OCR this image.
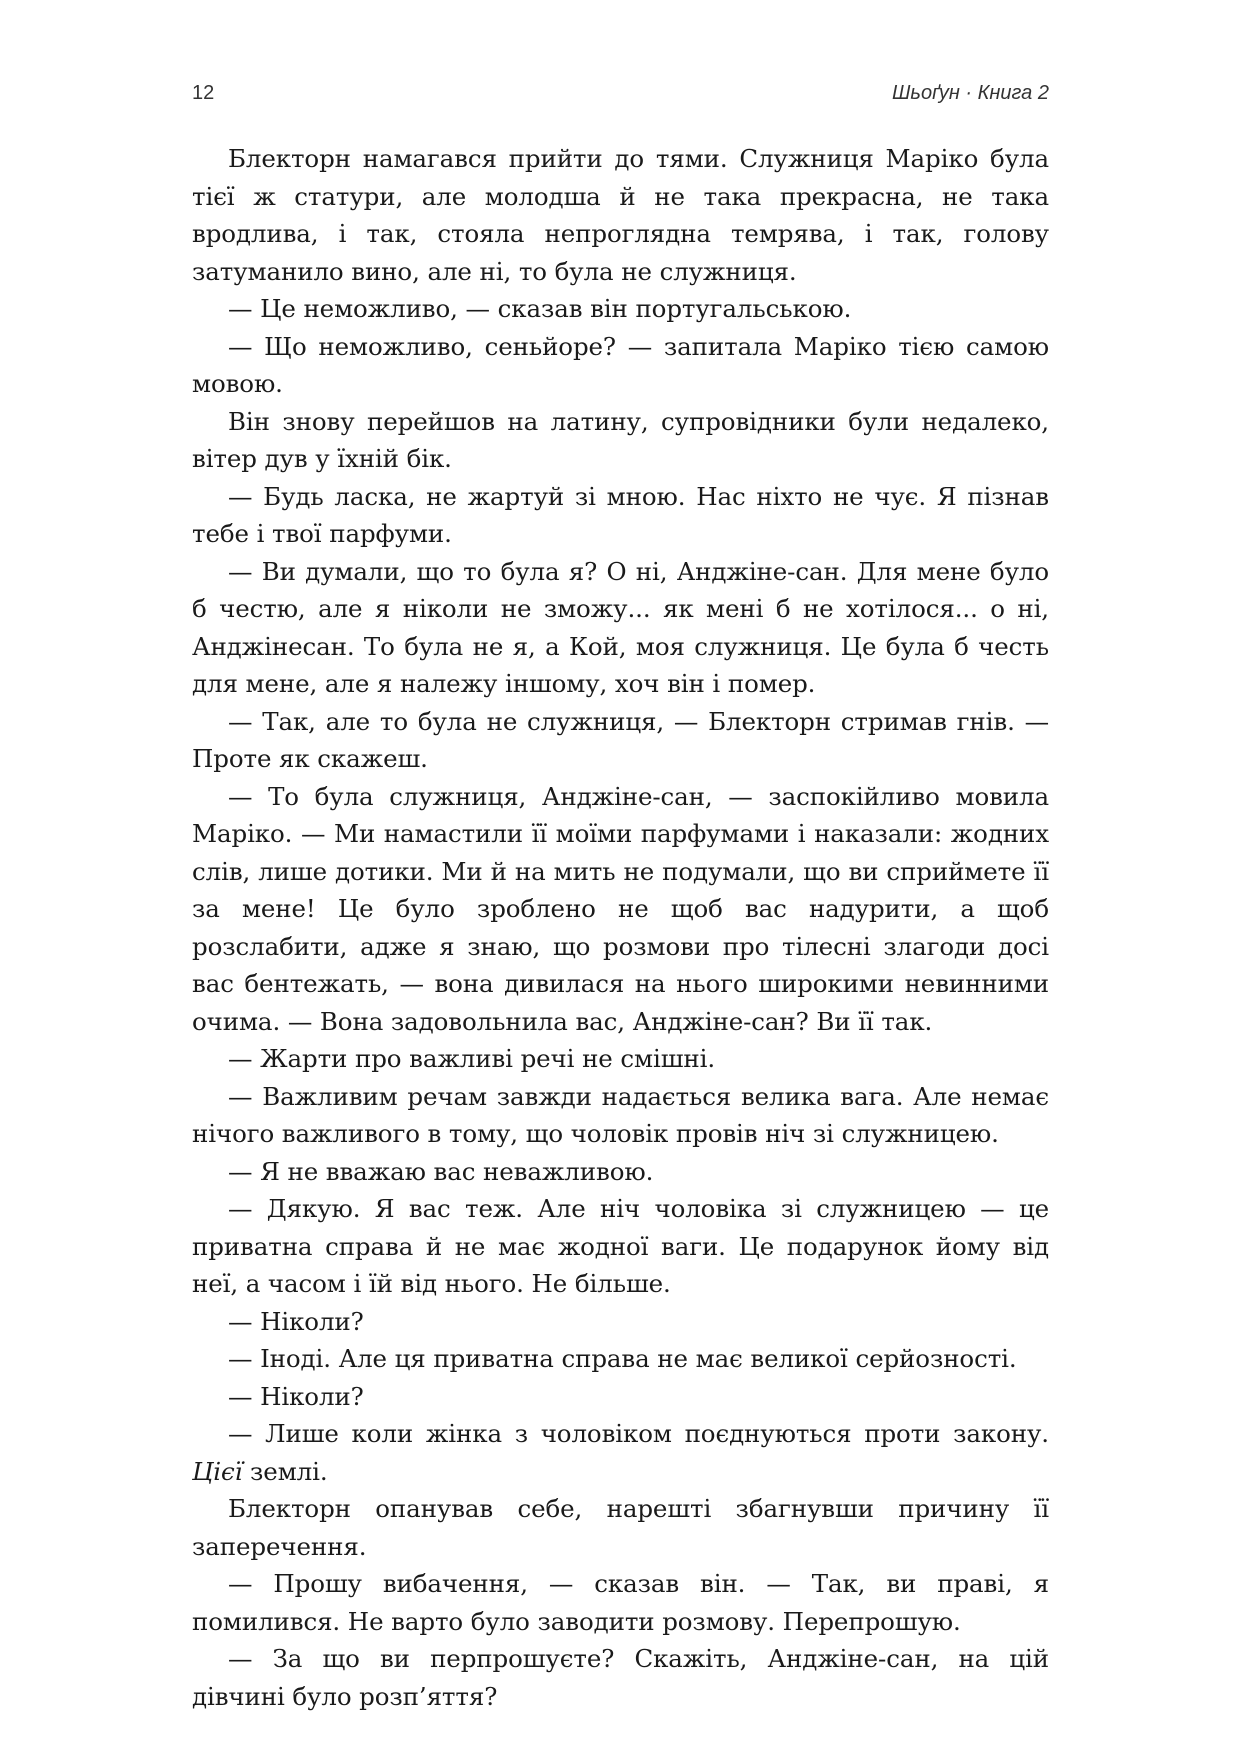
12	Шьоґун · Книга 2

Блекторн намагався прийти до тями. Служниця Маріко була тієї ж статури, але молодша й не така прекрасна, не така вродлива, і так, стояла непроглядна темрява, і так, голову затуманило вино, але ні, то була не служниця.

— Це неможливо, — сказав він португальською.

— Що неможливо, сеньйоре? — запитала Маріко тією самою мовою.

Він знову перейшов на латину, супровідники були недалеко, вітер дув у їхній бік.

— Будь ласка, не жартуй зі мною. Нас ніхто не чує. Я пізнав тебе і твої парфуми.

— Ви думали, що то була я? О ні, Анджіне-сан. Для мене було б честю, але я ніколи не зможу... як мені б не хотілося... о ні, Анджінесан. То була не я, а Кой, моя служниця. Це була б честь для мене, але я належу іншому, хоч він і помер.

— Так, але то була не служниця, — Блекторн стримав гнів. — Проте як скажеш.

— То була служниця, Анджіне-сан, — заспокійливо мовила Маріко. — Ми намастили її моїми парфумами і наказали: жодних слів, лише дотики. Ми й на мить не подумали, що ви сприймете її за мене! Це було зроблено не щоб вас надурити, а щоб розслабити, адже я знаю, що розмови про тілесні злагоди досі вас бентежать, — вона дивилася на нього широкими невинними очима. — Вона задовольнила вас, Анджіне-сан? Ви її так.

— Жарти про важливі речі не смішні.

— Важливим речам завжди надається велика вага. Але немає нічого важливого в тому, що чоловік провів ніч зі служницею.

— Я не вважаю вас неважливою.

— Дякую. Я вас теж. Але ніч чоловіка зі служницею — це приватна справа й не має жодної ваги. Це подарунок йому від неї, а часом і їй від нього. Не більше.

— Ніколи?

— Іноді. Але ця приватна справа не має великої серйозності.

— Ніколи?

— Лише коли жінка з чоловіком поєднуються проти закону. Цієї землі.

Блекторн опанував себе, нарешті збагнувши причину її заперечення.

— Прошу вибачення, — сказав він. — Так, ви праві, я помилився. Не варто було заводити розмову. Перепрошую.

— За що ви перпрошуєте? Скажіть, Анджіне-сан, на цій дівчині було розп’яття?
